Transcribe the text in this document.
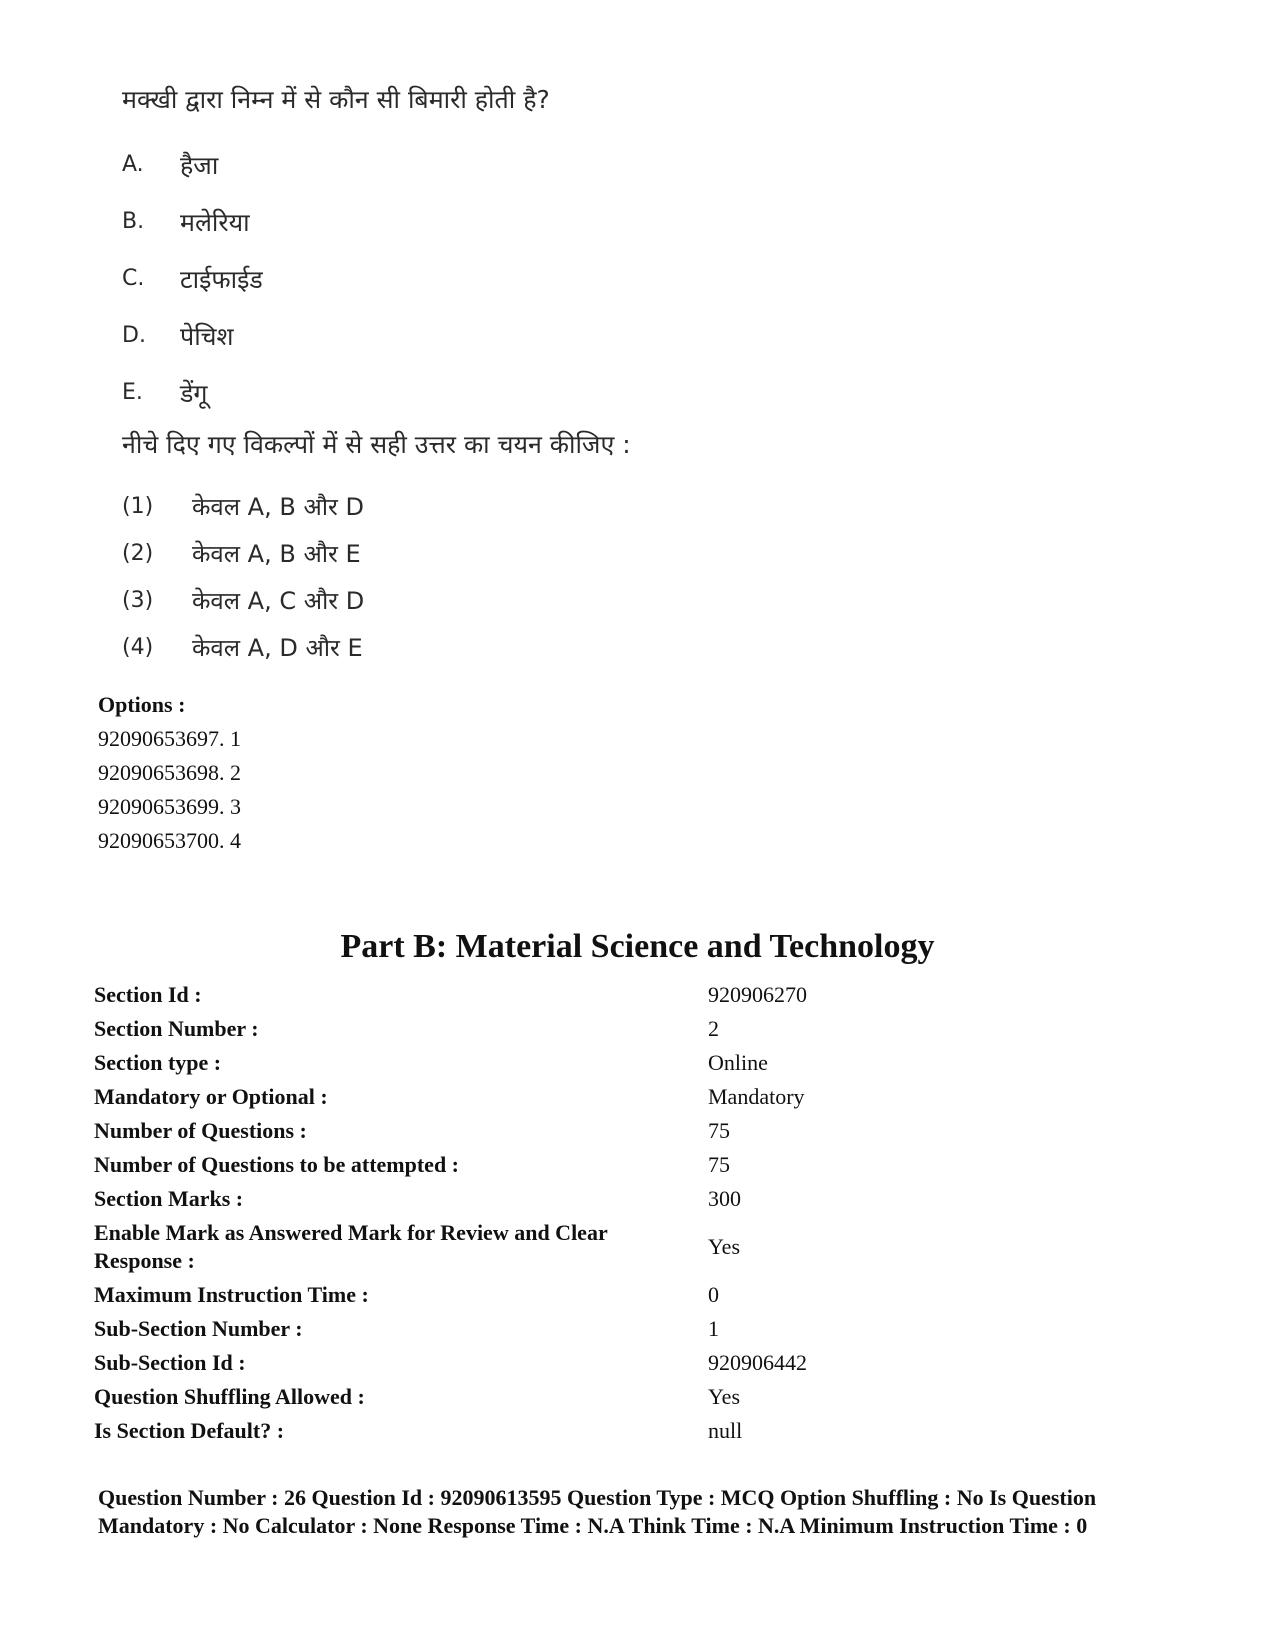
मक्खी द्वारा निम्न में से कौन सी बिमारी होती है?

A.	हैजा
B.	मलेरिया
C.	टाईफाईड
D.	पेचिश
E.	डेंगू

नीचे दिए गए विकल्पों में से सही उत्तर का चयन कीजिए :

(1)	केवल A, B और D
(2)	केवल A, B और E
(3)	केवल A, C और D
(4)	केवल A, D और E
Options :
92090653697. 1
92090653698. 2
92090653699. 3
92090653700. 4
Part B: Material Science and Technology
Section Id :	920906270
Section Number :	2
Section type :	Online
Mandatory or Optional :	Mandatory
Number of Questions :	75
Number of Questions to be attempted :	75
Section Marks :	300
Enable Mark as Answered Mark for Review and Clear Response :	Yes
Maximum Instruction Time :	0
Sub-Section Number :	1
Sub-Section Id :	920906442
Question Shuffling Allowed :	Yes
Is Section Default? :	null

Question Number : 26 Question Id : 92090613595 Question Type : MCQ Option Shuffling : No Is Question Mandatory : No Calculator : None Response Time : N.A Think Time : N.A Minimum Instruction Time : 0
